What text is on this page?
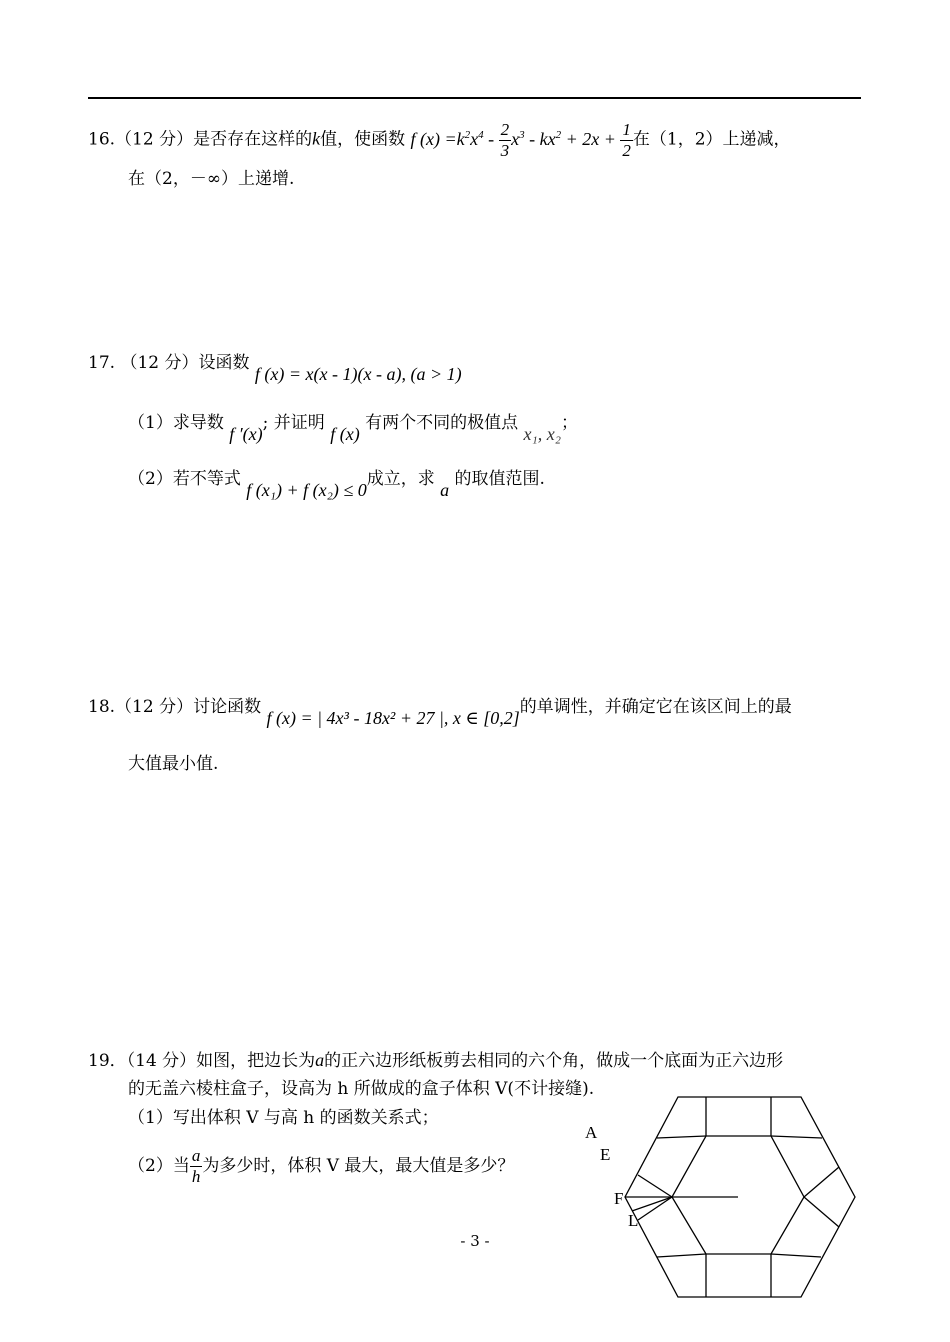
16.（12 分）是否存在这样的k值，使函数 f $(x) =k^2x^4 - \frac{2}{3} x^3 - kx^2 + 2x + \frac{1}{2}$ 在（1，2）上递减，
在（2，－∞）上递增.
17. （12 分）设函数 f (x) = x(x - 1)(x - a), (a > 1)
（1）求导数 f ′(x); 并证明 f (x) 有两个不同的极值点 x₁, x₂；
（2）若不等式 f (x₁) + f (x₂) ≤ 0成立，求 a 的取值范围.
18.（12 分）讨论函数 f (x) = | 4x³ - 18x² + 27 |, x ∈ [0,2]的单调性，并确定它在该区间上的最
大值最小值.
19．（14 分）如图，把边长为a的正六边形纸板剪去相同的六个角，做成一个底面为正六边形
的无盖六棱柱盒子，设高为 h 所做成的盒子体积 V(不计接缝).
（1）写出体积 V 与高 h 的函数关系式；
（2）当 $\frac{a}{h}$ 为多少时，体积 V 最大，最大值是多少？
A
E
F
L
- 3 -
